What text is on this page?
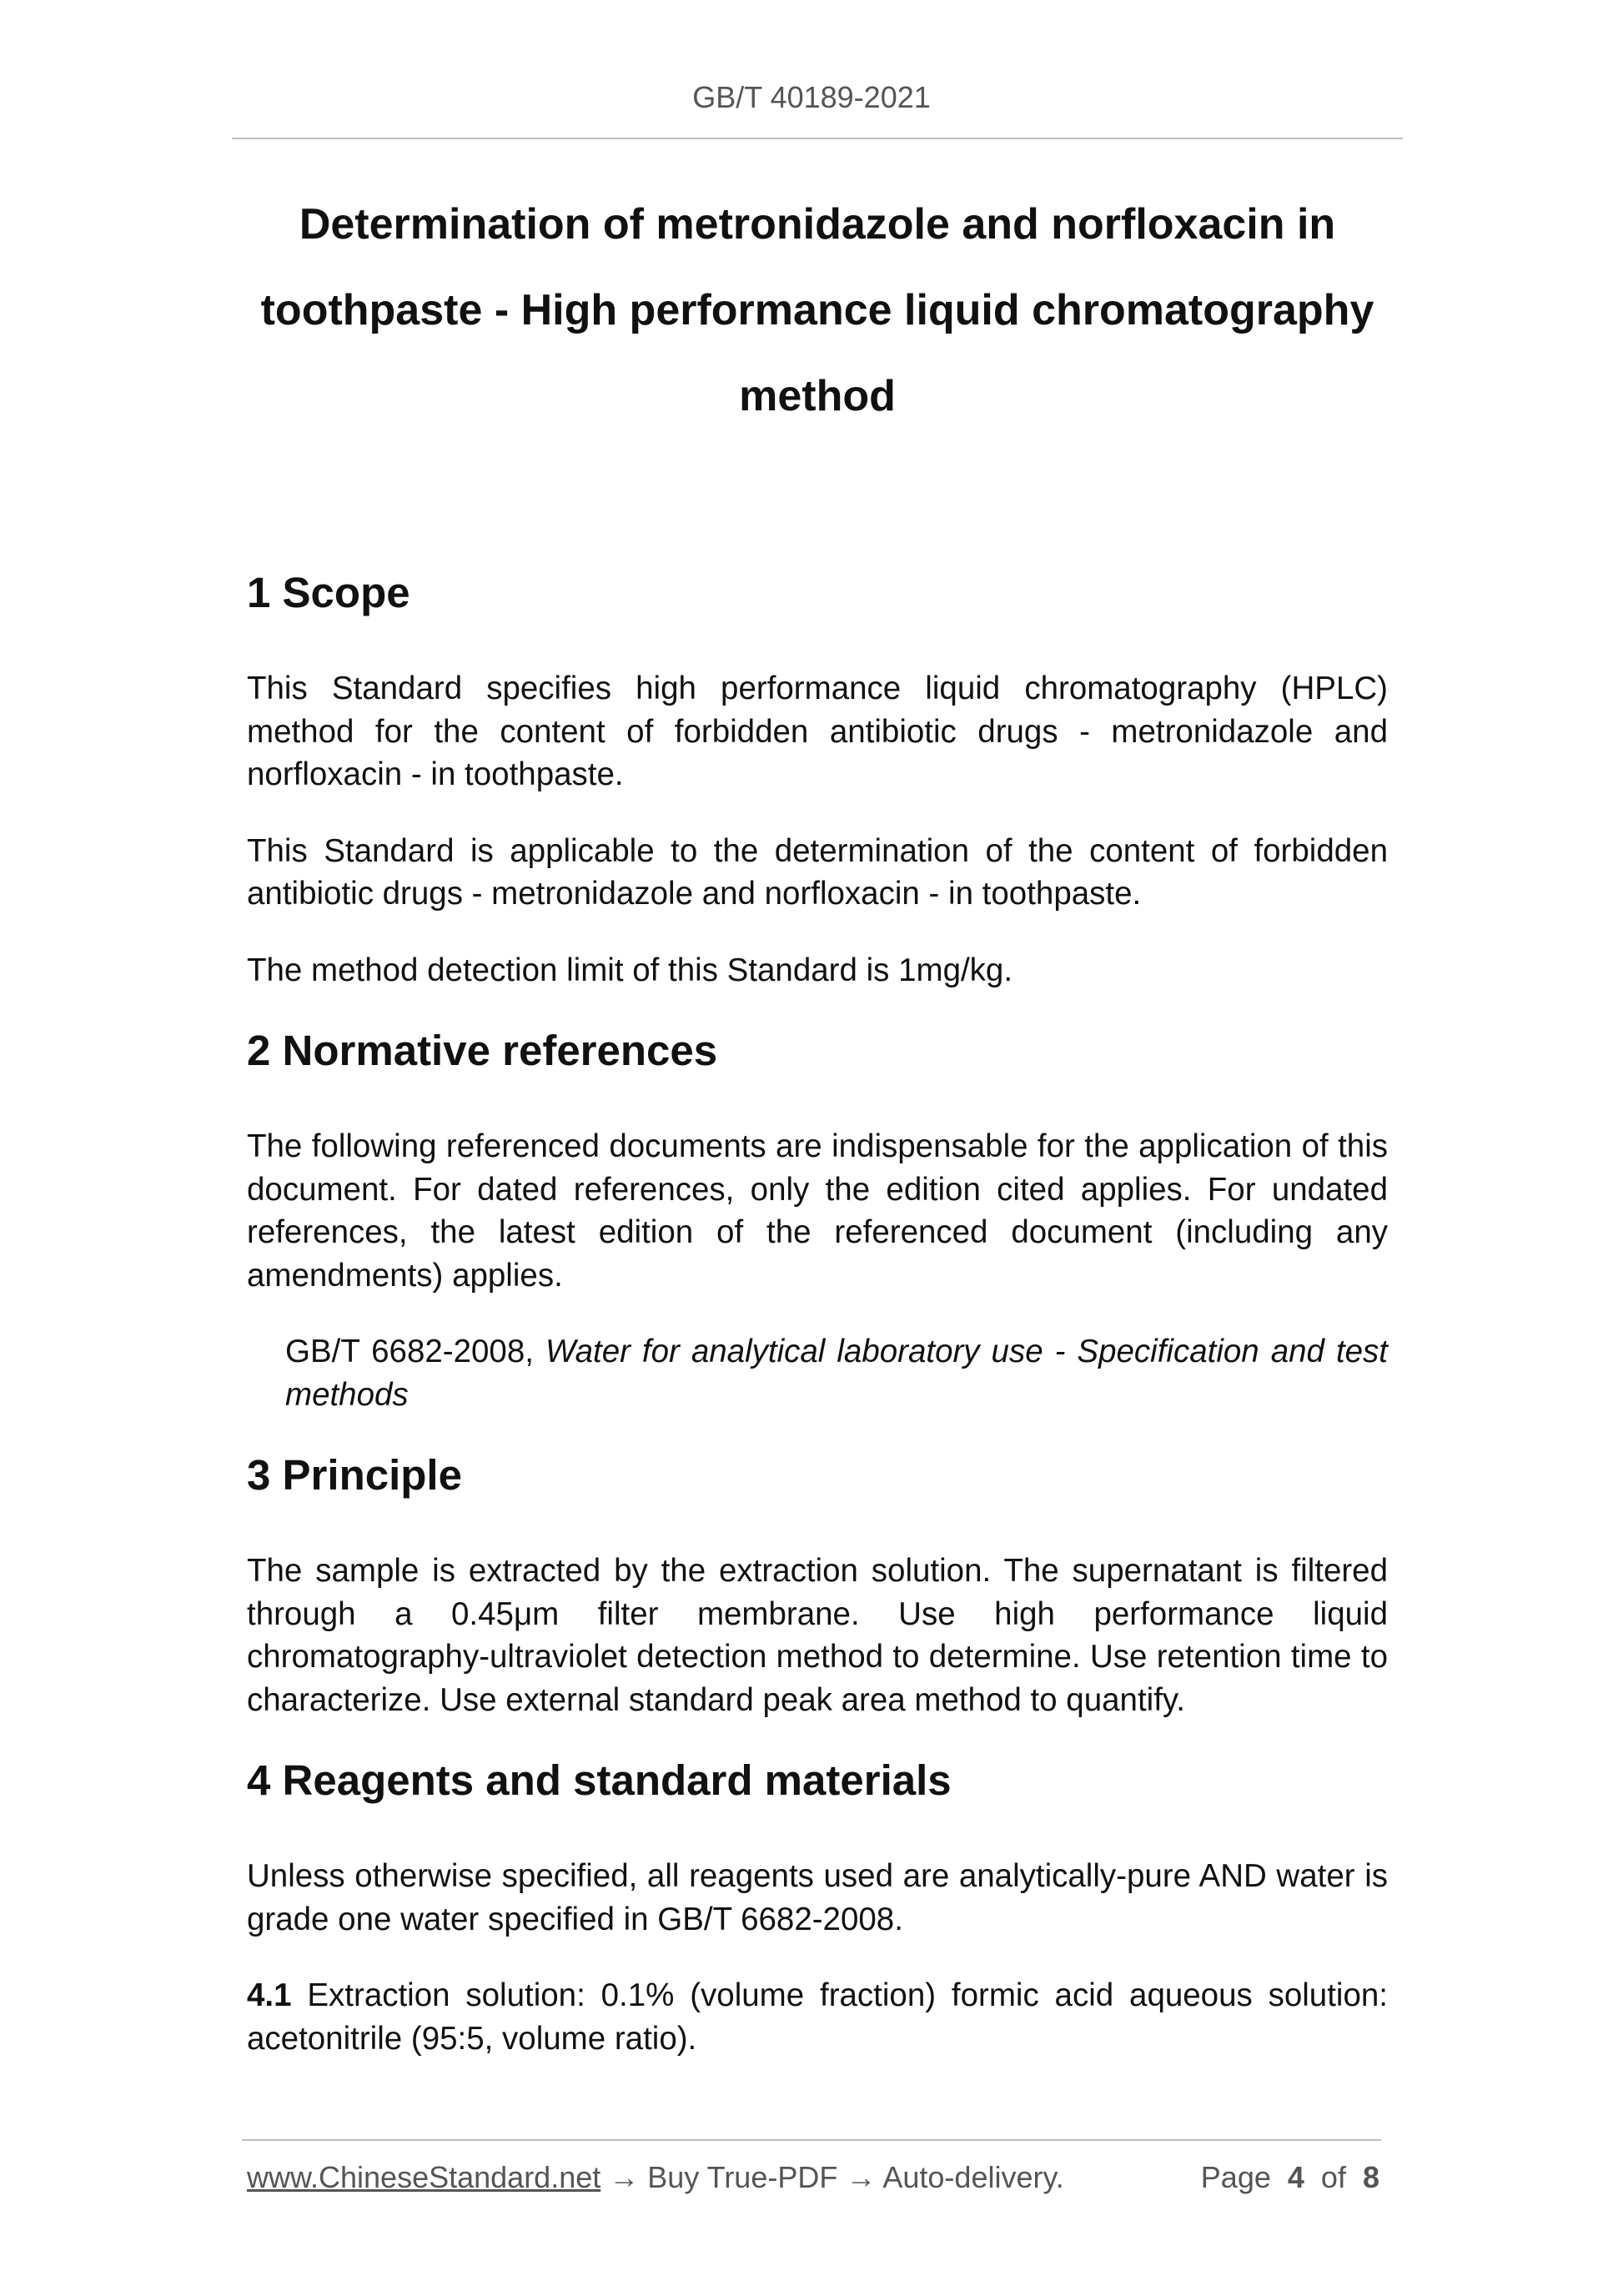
GB/T 40189-2021
Determination of metronidazole and norfloxacin in toothpaste - High performance liquid chromatography method
1 Scope

This Standard specifies high performance liquid chromatography (HPLC) method for the content of forbidden antibiotic drugs - metronidazole and norfloxacin - in toothpaste.

This Standard is applicable to the determination of the content of forbidden antibiotic drugs - metronidazole and norfloxacin - in toothpaste.

The method detection limit of this Standard is 1mg/kg.

2 Normative references

The following referenced documents are indispensable for the application of this document. For dated references, only the edition cited applies. For undated references, the latest edition of the referenced document (including any amendments) applies.

GB/T 6682-2008, Water for analytical laboratory use - Specification and test methods

3 Principle

The sample is extracted by the extraction solution. The supernatant is filtered through a 0.45μm filter membrane. Use high performance liquid chromatography-ultraviolet detection method to determine. Use retention time to characterize. Use external standard peak area method to quantify.

4 Reagents and standard materials

Unless otherwise specified, all reagents used are analytically-pure AND water is grade one water specified in GB/T 6682-2008.

4.1 Extraction solution: 0.1% (volume fraction) formic acid aqueous solution: acetonitrile (95:5, volume ratio).

www.ChineseStandard.net → Buy True-PDF → Auto-delivery.	Page 4 of 8
